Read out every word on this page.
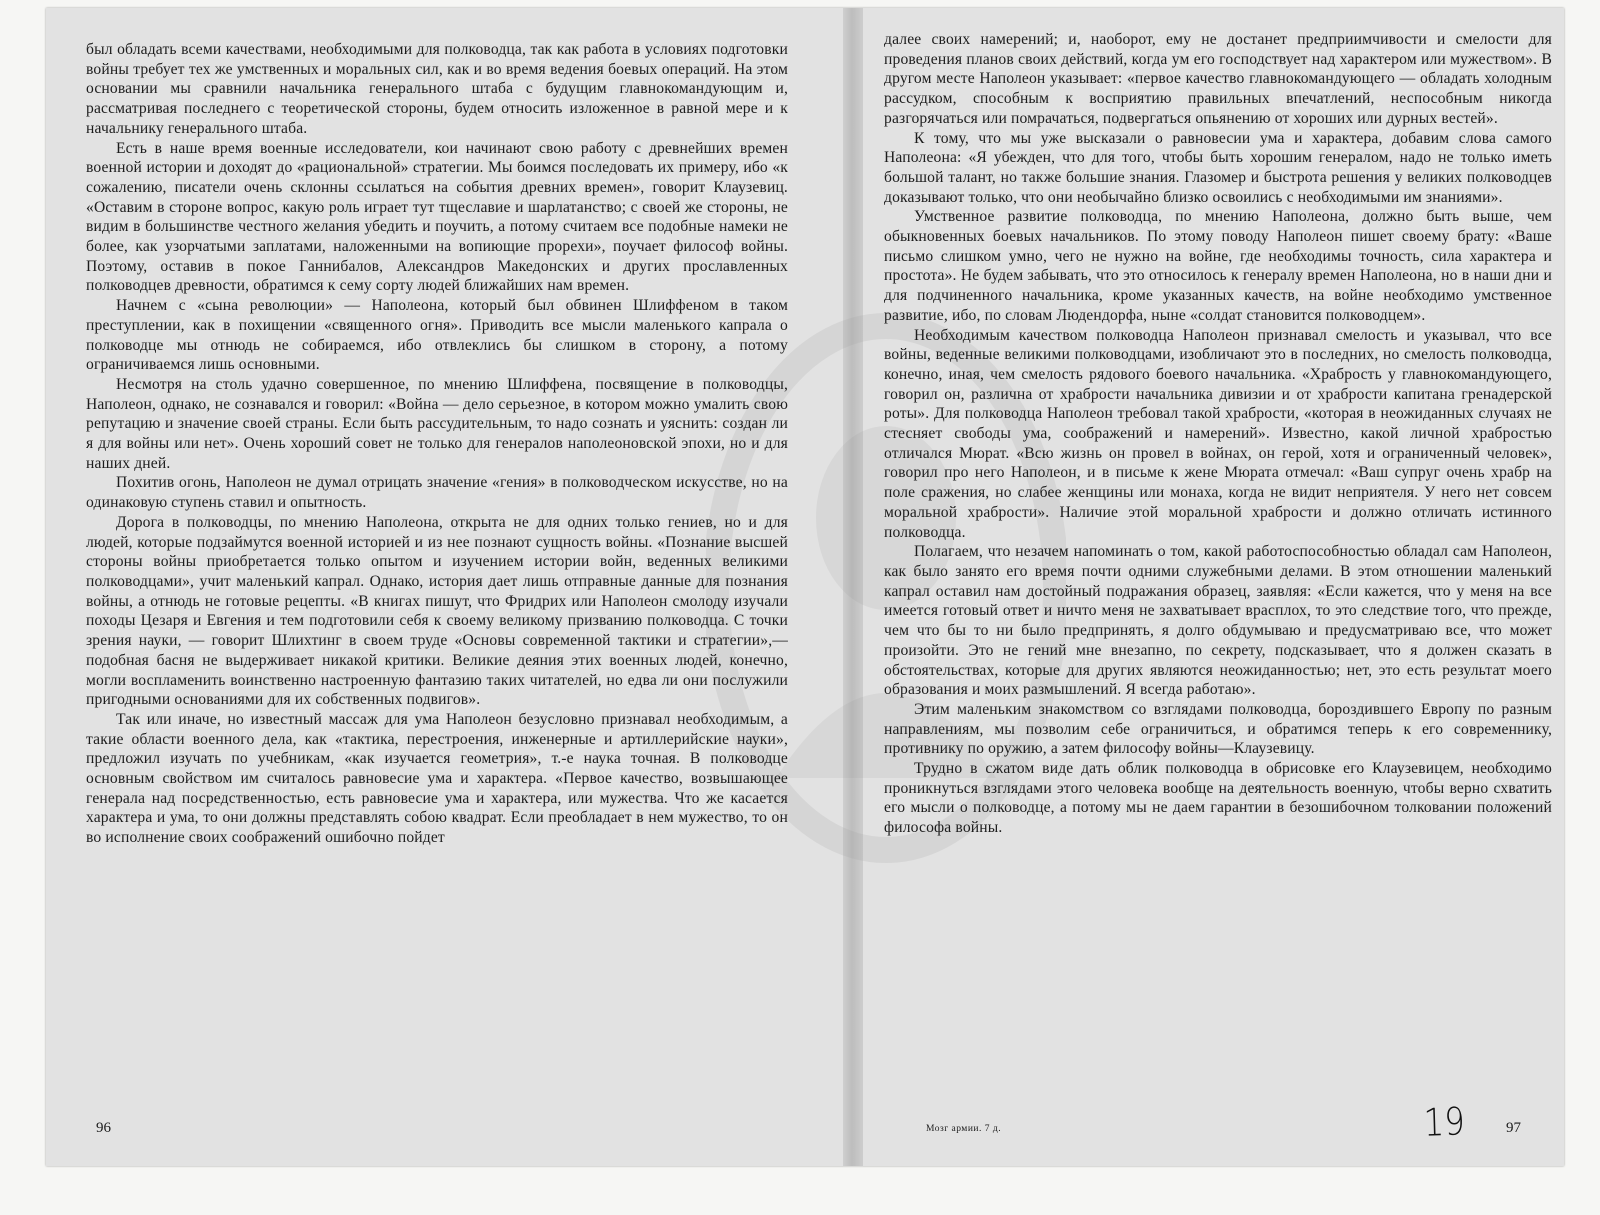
был обладать всеми качествами, необходимыми для полководца, так как работа в условиях подготовки войны требует тех же умственных и моральных сил, как и во время ведения боевых операций. На этом основании мы сравнили начальника генерального штаба с будущим главнокомандующим и, рассматривая последнего с теоретической стороны, будем относить изложенное в равной мере и к начальнику генерального штаба.

Есть в наше время военные исследователи, кои начинают свою работу с древнейших времен военной истории и доходят до «рациональной» стратегии. Мы боимся последовать их примеру, ибо «к сожалению, писатели очень склонны ссылаться на события древних времен», говорит Клаузевиц. «Оставим в стороне вопрос, какую роль играет тут тщеславие и шарлатанство; с своей же стороны, не видим в большинстве честного желания убедить и поучить, а потому считаем все подобные намеки не более, как узорчатыми заплатами, наложенными на вопиющие прорехи», поучает философ войны. Поэтому, оставив в покое Ганнибалов, Александров Македонских и других прославленных полководцев древности, обратимся к сему сорту людей ближайших нам времен.

Начнем с «сына революции» — Наполеона, который был обвинен Шлиффеном в таком преступлении, как в похищении «священного огня». Приводить все мысли маленького капрала о полководце мы отнюдь не собираемся, ибо отвлеклись бы слишком в сторону, а потому ограничиваемся лишь основными.

Несмотря на столь удачно совершенное, по мнению Шлиффена, посвящение в полководцы, Наполеон, однако, не сознавался и говорил: «Война — дело серьезное, в котором можно умалить свою репутацию и значение своей страны. Если быть рассудительным, то надо сознать и уяснить: создан ли я для войны или нет». Очень хороший совет не только для генералов наполеоновской эпохи, но и для наших дней.

Похитив огонь, Наполеон не думал отрицать значение «гения» в полководческом искусстве, но на одинаковую ступень ставил и опытность.

Дорога в полководцы, по мнению Наполеона, открыта не для одних только гениев, но и для людей, которые подзаймутся военной историей и из нее познают сущность войны. «Познание высшей стороны войны приобретается только опытом и изучением истории войн, веденных великими полководцами», учит маленький капрал. Однако, история дает лишь отправные данные для познания войны, а отнюдь не готовые рецепты. «В книгах пишут, что Фридрих или Наполеон смолоду изучали походы Цезаря и Евгения и тем подготовили себя к своему великому призванию полководца. С точки зрения науки, — говорит Шлихтинг в своем труде «Основы современной тактики и стратегии»,—подобная басня не выдерживает никакой критики. Великие деяния этих военных людей, конечно, могли воспламенить воинственно настроенную фантазию таких читателей, но едва ли они послужили пригодными основаниями для их собственных подвигов».

Так или иначе, но известный массаж для ума Наполеон безусловно признавал необходимым, а такие области военного дела, как «тактика, перестроения, инженерные и артиллерийские науки», предложил изучать по учебникам, «как изучается геометрия», т.-е наука точная. В полководце основным свойством им считалось равновесие ума и характера. «Первое качество, возвышающее генерала над посредственностью, есть равновесие ума и характера, или мужества. Что же касается характера и ума, то они должны представлять собою квадрат. Если преобладает в нем мужество, то он во исполнение своих соображений ошибочно пойдет

далее своих намерений; и, наоборот, ему не достанет предприимчивости и смелости для проведения планов своих действий, когда ум его господствует над характером или мужеством». В другом месте Наполеон указывает: «первое качество главнокомандующего — обладать холодным рассудком, способным к восприятию правильных впечатлений, неспособным никогда разгорячаться или помрачаться, подвергаться опьянению от хороших или дурных вестей».

К тому, что мы уже высказали о равновесии ума и характера, добавим слова самого Наполеона: «Я убежден, что для того, чтобы быть хорошим генералом, надо не только иметь большой талант, но также большие знания. Глазомер и быстрота решения у великих полководцев доказывают только, что они необычайно близко освоились с необходимыми им знаниями».

Умственное развитие полководца, по мнению Наполеона, должно быть выше, чем обыкновенных боевых начальников. По этому поводу Наполеон пишет своему брату: «Ваше письмо слишком умно, чего не нужно на войне, где необходимы точность, сила характера и простота». Не будем забывать, что это относилось к генералу времен Наполеона, но в наши дни и для подчиненного начальника, кроме указанных качеств, на войне необходимо умственное развитие, ибо, по словам Людендорфа, ныне «солдат становится полководцем».

Необходимым качеством полководца Наполеон признавал смелость и указывал, что все войны, веденные великими полководцами, изобличают это в последних, но смелость полководца, конечно, иная, чем смелость рядового боевого начальника. «Храбрость у главнокомандующего, говорил он, различна от храбрости начальника дивизии и от храбрости капитана гренадерской роты». Для полководца Наполеон требовал такой храбрости, «которая в неожиданных случаях не стесняет свободы ума, соображений и намерений». Известно, какой личной храбростью отличался Мюрат. «Всю жизнь он провел в войнах, он герой, хотя и ограниченный человек», говорил про него Наполеон, и в письме к жене Мюрата отмечал: «Ваш супруг очень храбр на поле сражения, но слабее женщины или монаха, когда не видит неприятеля. У него нет совсем моральной храбрости». Наличие этой моральной храбрости и должно отличать истинного полководца.

Полагаем, что незачем напоминать о том, какой работоспособностью обладал сам Наполеон, как было занято его время почти одними служебными делами. В этом отношении маленький капрал оставил нам достойный подражания образец, заявляя: «Если кажется, что у меня на все имеется готовый ответ и ничто меня не захватывает врасплох, то это следствие того, что прежде, чем что бы то ни было предпринять, я долго обдумываю и предусматриваю все, что может произойти. Это не гений мне внезапно, по секрету, подсказывает, что я должен сказать в обстоятельствах, которые для других являются неожиданностью; нет, это есть результат моего образования и моих размышлений. Я всегда работаю».

Этим маленьким знакомством со взглядами полководца, бороздившего Европу по разным направлениям, мы позволим себе ограничиться, и обратимся теперь к его современнику, противнику по оружию, а затем философу войны—Клаузевицу.

Трудно в сжатом виде дать облик полководца в обрисовке его Клаузевицем, необходимо проникнуться взглядами этого человека вообще на деятельность военную, чтобы верно схватить его мысли о полководце, а потому мы не даем гарантии в безошибочном толковании положений философа войны.

96	Мозг армии. 7 д.	19	97
